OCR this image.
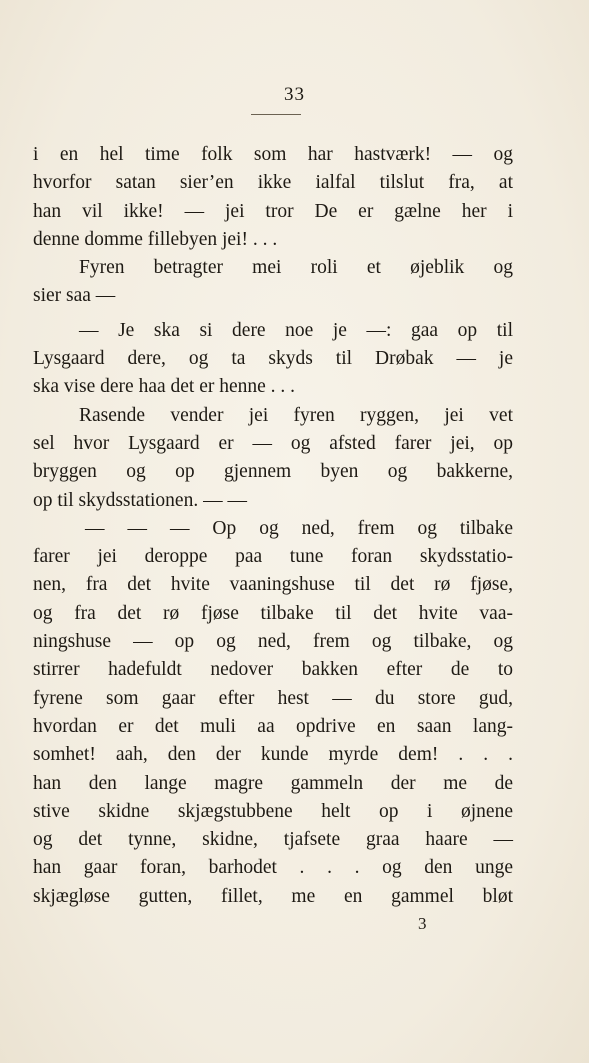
33
i en hel time folk som har hastværk! — og
hvorfor satan sier’en ikke ialfal tilslut fra, at
han vil ikke! — jei tror De er gælne her i
denne domme fillebyen jei! . . .
Fyren betragter mei roli et øjeblik og
sier saa —
— Je ska si dere noe je —: gaa op til
Lysgaard dere, og ta skyds til Drøbak — je
ska vise dere haa det er henne . . .
Rasende vender jei fyren ryggen, jei vet
sel hvor Lysgaard er — og afsted farer jei, op
bryggen og op gjennem byen og bakkerne,
op til skydsstationen. — —
— — — Op og ned, frem og tilbake
farer jei deroppe paa tune foran skydsstatio-
nen, fra det hvite vaaningshuse til det rø fjøse,
og fra det rø fjøse tilbake til det hvite vaa-
ningshuse — op og ned, frem og tilbake, og
stirrer hadefuldt nedover bakken efter de to
fyrene som gaar efter hest — du store gud,
hvordan er det muli aa opdrive en saan lang-
somhet! aah, den der kunde myrde dem! . . .
han den lange magre gammeln der me de
stive skidne skjægstubbene helt op i øjnene
og det tynne, skidne, tjafsete graa haare —
han gaar foran, barhodet . . . og den unge
skjægløse gutten, fillet, me en gammel bløt
3
